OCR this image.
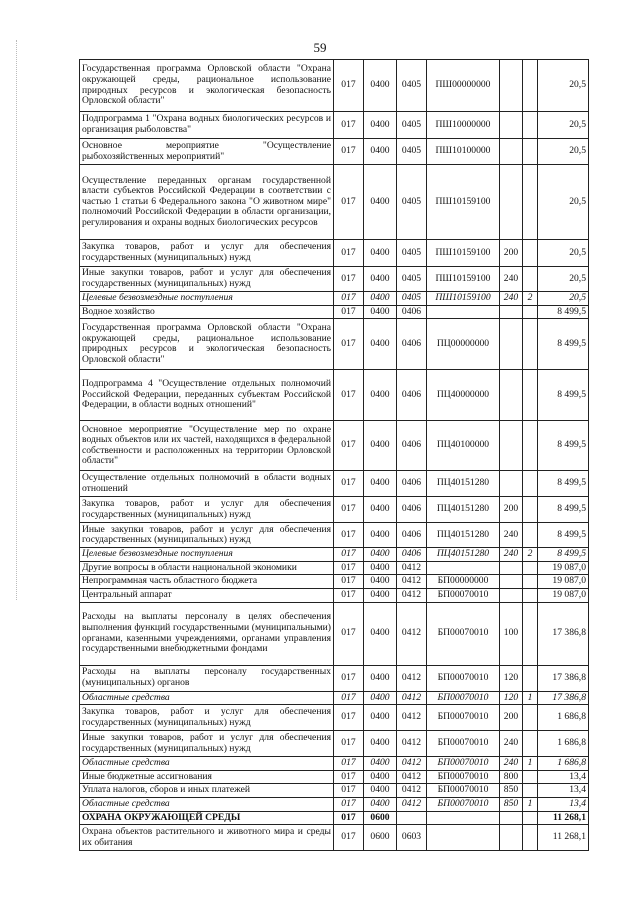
59
Государственная программа Орловской области "Охрана окружающей среды, рациональное использование природных ресурсов и экологическая безопасность Орловской области"	017	0400	0405	ПШ00000000			20,5
Подпрограмма 1 "Охрана водных биологических ресурсов и организация рыболовства"	017	0400	0405	ПШ10000000			20,5
Основное мероприятие "Осуществление рыбохозяйственных мероприятий"	017	0400	0405	ПШ10100000			20,5
Осуществление переданных органам государственной власти субъектов Российской Федерации в соответствии с частью 1 статьи 6 Федерального закона "О животном мире" полномочий Российской Федерации в области организации, регулирования и охраны водных биологических ресурсов	017	0400	0405	ПШ10159100			20,5
Закупка товаров, работ и услуг для обеспечения государственных (муниципальных) нужд	017	0400	0405	ПШ10159100	200		20,5
Иные закупки товаров, работ и услуг для обеспечения государственных (муниципальных) нужд	017	0400	0405	ПШ10159100	240		20,5
Целевые безвозмездные поступления	017	0400	0405	ПШ10159100	240	2	20,5
Водное хозяйство	017	0400	0406				8 499,5
Государственная программа Орловской области "Охрана окружающей среды, рациональное использование природных ресурсов и экологическая безопасность Орловской области"	017	0400	0406	ПЦ00000000			8 499,5
Подпрограмма 4 "Осуществление отдельных полномочий Российской Федерации, переданных субъектам Российской Федерации, в области водных отношений"	017	0400	0406	ПЦ40000000			8 499,5
Основное мероприятие "Осуществление мер по охране водных объектов или их частей, находящихся в федеральной собственности и расположенных на территории Орловской области"	017	0400	0406	ПЦ40100000			8 499,5
Осуществление отдельных полномочий в области водных отношений	017	0400	0406	ПЦ40151280			8 499,5
Закупка товаров, работ и услуг для обеспечения государственных (муниципальных) нужд	017	0400	0406	ПЦ40151280	200		8 499,5
Иные закупки товаров, работ и услуг для обеспечения государственных (муниципальных) нужд	017	0400	0406	ПЦ40151280	240		8 499,5
Целевые безвозмездные поступления	017	0400	0406	ПЦ40151280	240	2	8 499,5
Другие вопросы в области национальной экономики	017	0400	0412				19 087,0
Непрограммная часть областного бюджета	017	0400	0412	БП00000000			19 087,0
Центральный аппарат	017	0400	0412	БП00070010			19 087,0
Расходы на выплаты персоналу в целях обеспечения выполнения функций государственными (муниципальными) органами, казенными учреждениями, органами управления государственными внебюджетными фондами	017	0400	0412	БП00070010	100		17 386,8
Расходы на выплаты персоналу государственных (муниципальных) органов	017	0400	0412	БП00070010	120		17 386,8
Областные средства	017	0400	0412	БП00070010	120	1	17 386,8
Закупка товаров, работ и услуг для обеспечения государственных (муниципальных) нужд	017	0400	0412	БП00070010	200		1 686,8
Иные закупки товаров, работ и услуг для обеспечения государственных (муниципальных) нужд	017	0400	0412	БП00070010	240		1 686,8
Областные средства	017	0400	0412	БП00070010	240	1	1 686,8
Иные бюджетные ассигнования	017	0400	0412	БП00070010	800		13,4
Уплата налогов, сборов и иных платежей	017	0400	0412	БП00070010	850		13,4
Областные средства	017	0400	0412	БП00070010	850	1	13,4
ОХРАНА ОКРУЖАЮЩЕЙ СРЕДЫ	017	0600					11 268,1
Охрана объектов растительного и животного мира и среды их обитания	017	0600	0603				11 268,1
